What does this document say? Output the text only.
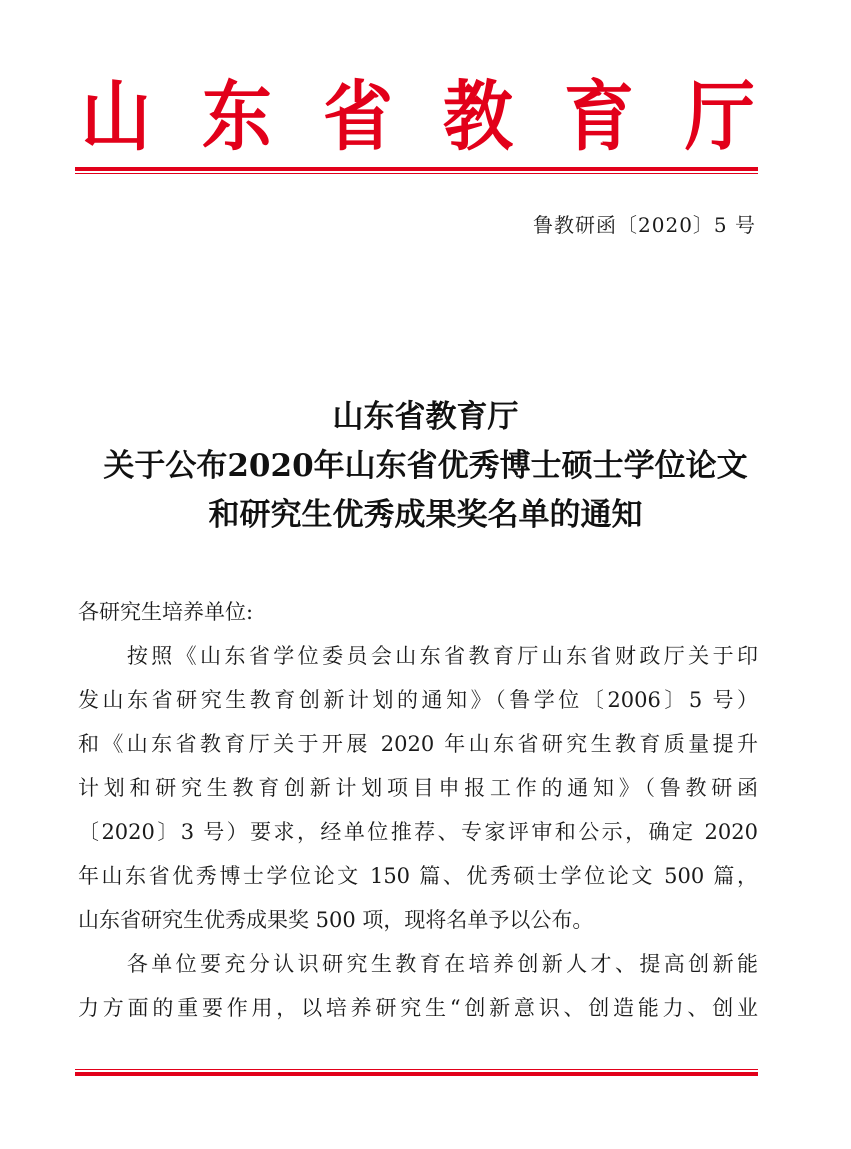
山 东 省 教 育 厅
鲁教研函〔2020〕5 号
山东省教育厅
关于公布2020年山东省优秀博士硕士学位论文
和研究生优秀成果奖名单的通知
各研究生培养单位:
　　按照《山东省学位委员会山东省教育厅山东省财政厅关于印
发山东省研究生教育创新计划的通知》（鲁学位〔2006〕5 号）
和《山东省教育厅关于开展 2020 年山东省研究生教育质量提升
计划和研究生教育创新计划项目申报工作的通知》（鲁教研函
〔2020〕3 号）要求，经单位推荐、专家评审和公示，确定 2020
年山东省优秀博士学位论文 150 篇、优秀硕士学位论文 500 篇，
山东省研究生优秀成果奖 500 项，现将名单予以公布。
　　各单位要充分认识研究生教育在培养创新人才、提高创新能
力方面的重要作用，以培养研究生“创新意识、创造能力、创业
